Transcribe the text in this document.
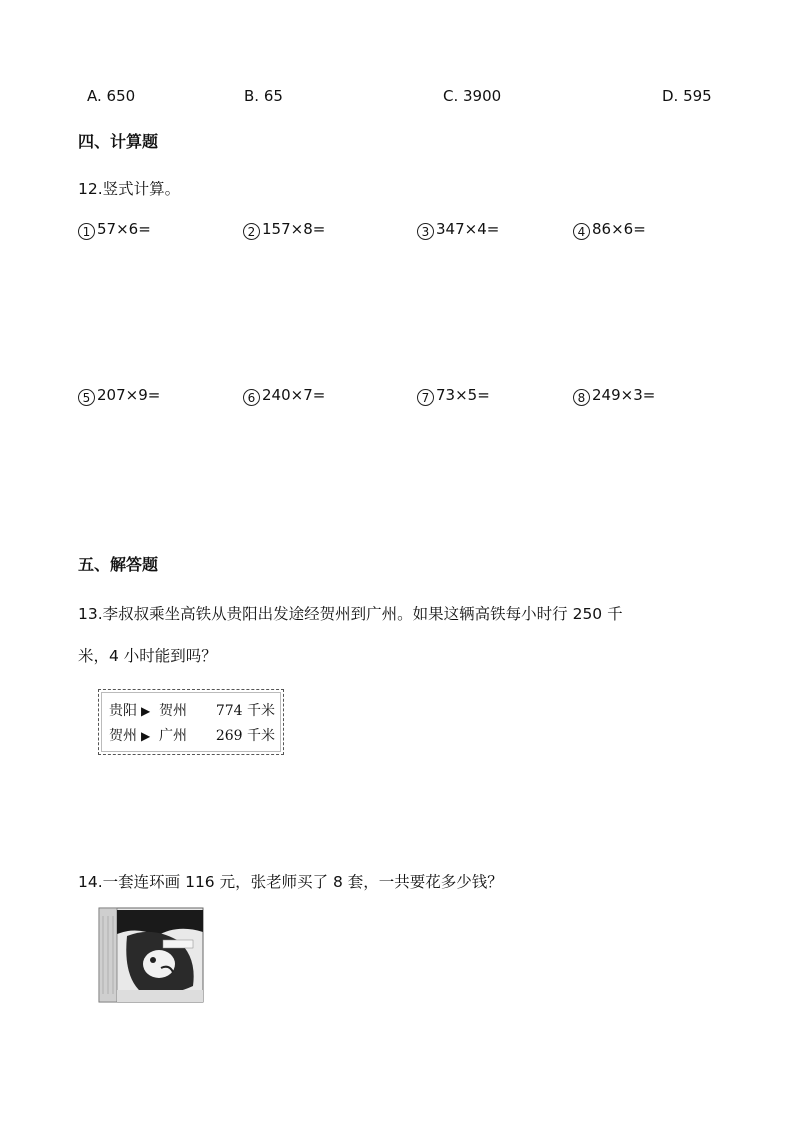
A. 650	B. 65	C. 3900	D. 595
四、计算题
12.竖式计算。
1 57×6=	2 157×8=	3 347×4=	4 86×6=
5 207×9=	6 240×7=	7 73×5=	8 249×3=
五、解答题
13.李叔叔乘坐高铁从贵阳出发途经贺州到广州。如果这辆高铁每小时行 250 千
米，4 小时能到吗？
贵阳 ▶ 贺州 774 千米
贺州 ▶ 广州 269 千米
14.一套连环画 116 元，张老师买了 8 套，一共要花多少钱？
